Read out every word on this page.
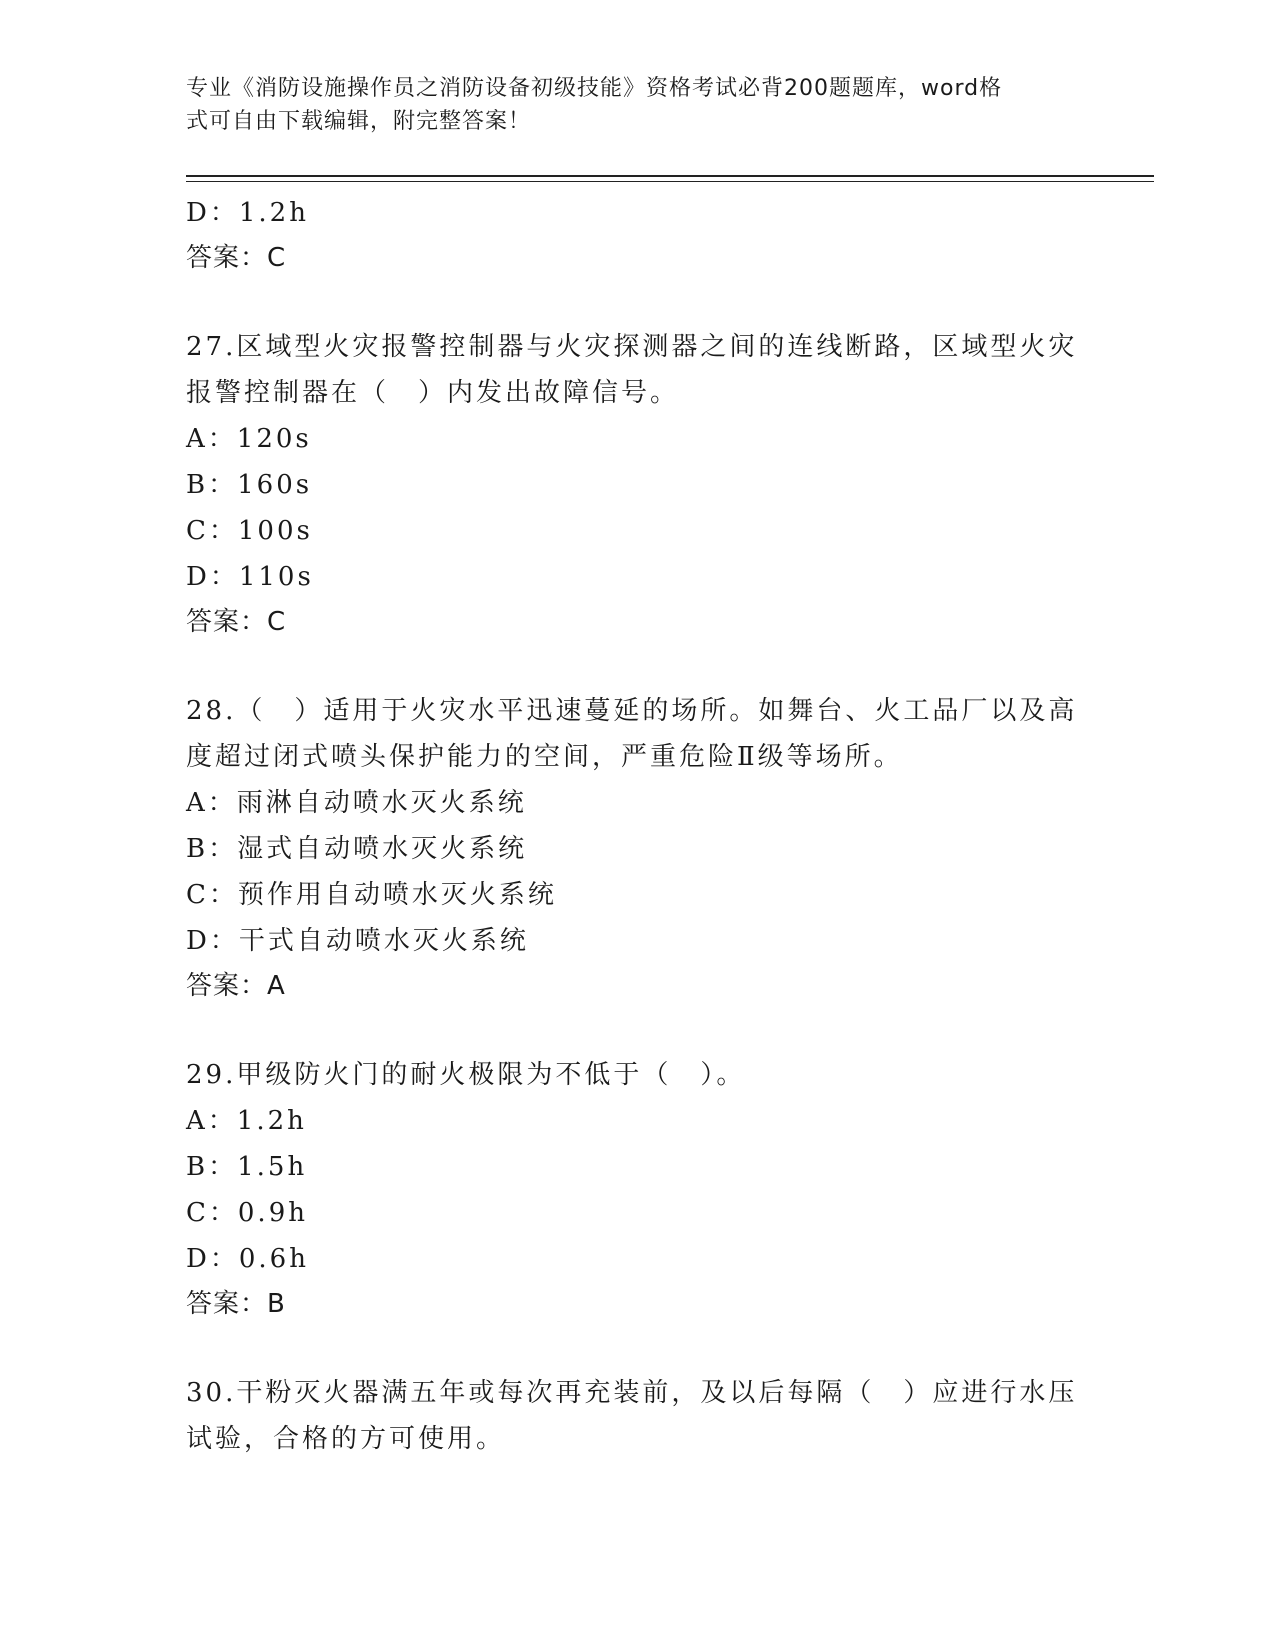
专业《消防设施操作员之消防设备初级技能》资格考试必背200题题库，word格
式可自由下载编辑，附完整答案！

D：1.2h

答案：C

27.区域型火灾报警控制器与火灾探测器之间的连线断路，区域型火灾

报警控制器在（　）内发出故障信号。

A：120s

B：160s

C：100s

D：110s

答案：C

28.（　）适用于火灾水平迅速蔓延的场所。如舞台、火工品厂以及高

度超过闭式喷头保护能力的空间，严重危险Ⅱ级等场所。

A：雨淋自动喷水灭火系统

B：湿式自动喷水灭火系统

C：预作用自动喷水灭火系统

D：干式自动喷水灭火系统

答案：A

29.甲级防火门的耐火极限为不低于（　）。

A：1.2h

B：1.5h

C：0.9h

D：0.6h

答案：B

30.干粉灭火器满五年或每次再充装前，及以后每隔（　）应进行水压

试验，合格的方可使用。
